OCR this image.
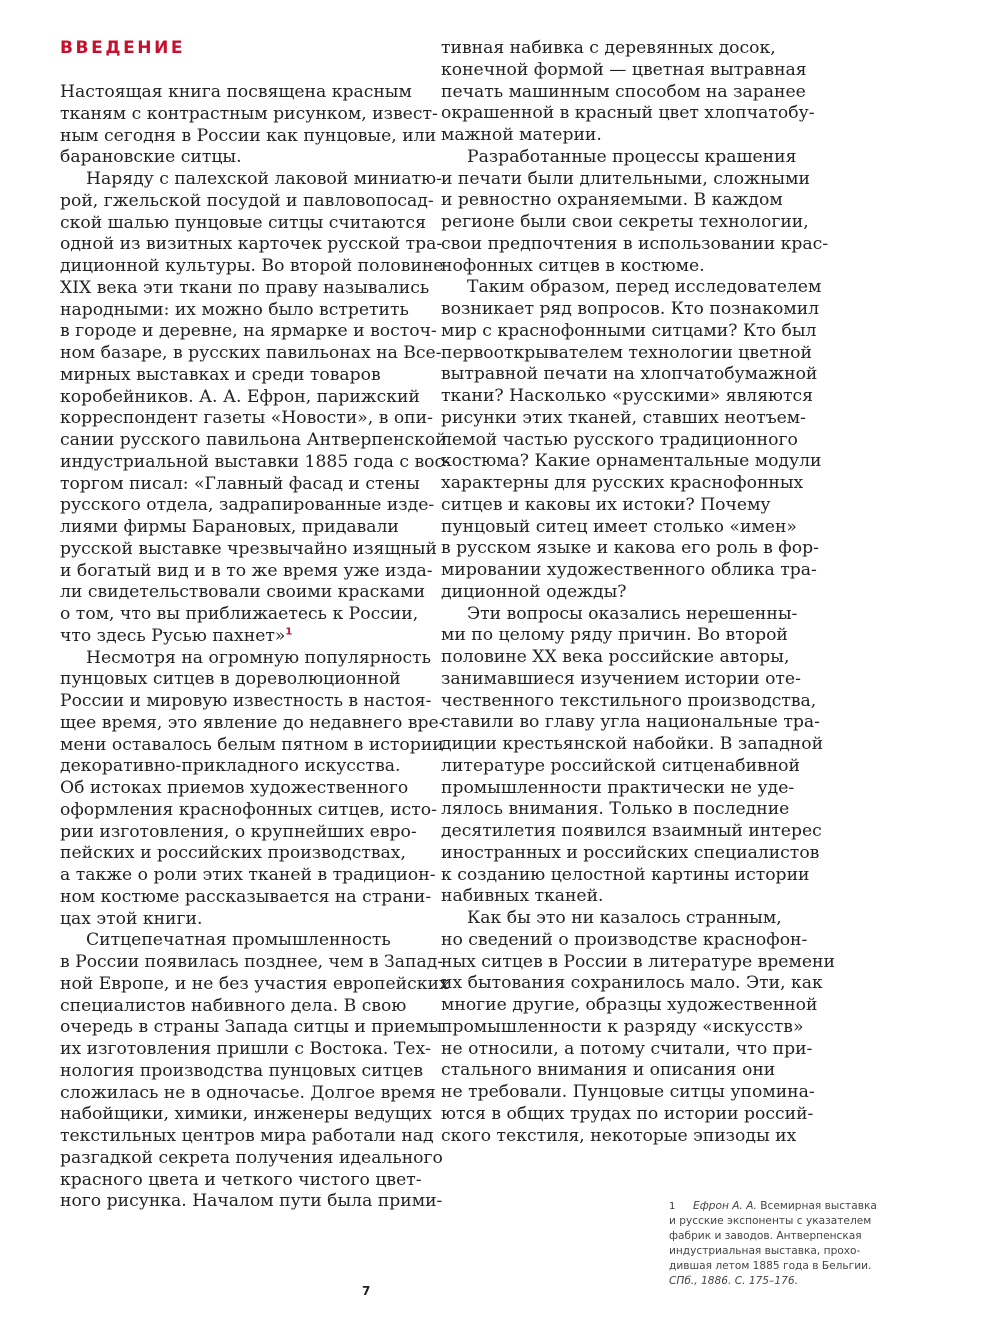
ВВЕДЕНИЕ

Настоящая книга посвящена красным

тканям с контрастным рисунком, извест-

ным сегодня в России как пунцовые, или

барановские ситцы.

Наряду с палехской лаковой миниатю-

рой, гжельской посудой и павловопосад-

ской шалью пунцовые ситцы считаются

одной из визитных карточек русской тра-

диционной культуры. Во второй половине

XIX века эти ткани по праву назывались

народными: их можно было встретить

в городе и деревне, на ярмарке и восточ-

ном базаре, в русских павильонах на Все-

мирных выставках и среди товаров

коробейников. А. А. Ефрон, парижский

корреспондент газеты «Новости», в опи-

сании русского павильона Антверпенской

индустриальной выставки 1885 года с вос-

торгом писал: «Главный фасад и стены

русского отдела, задрапированные изде-

лиями фирмы Барановых, придавали

русской выставке чрезвычайно изящный

и богатый вид и в то же время уже изда-

ли свидетельствовали своими красками

о том, что вы приближаетесь к России,

что здесь Русью пахнет»$^1$

Несмотря на огромную популярность

пунцовых ситцев в дореволюционной

России и мировую известность в настоя-

щее время, это явление до недавнего вре-

мени оставалось белым пятном в истории

декоративно-прикладного искусства.

Об истоках приемов художественного

оформления краснофонных ситцев, исто-

рии изготовления, о крупнейших евро-

пейских и российских производствах,

а также о роли этих тканей в традицион-

ном костюме рассказывается на страни-

цах этой книги.

Ситцепечатная промышленность

в России появилась позднее, чем в Запад-

ной Европе, и не без участия европейских

специалистов набивного дела. В свою

очередь в страны Запада ситцы и приемы

их изготовления пришли с Востока. Тех-

нология производства пунцовых ситцев

сложилась не в одночасье. Долгое время

набойщики, химики, инженеры ведущих

текстильных центров мира работали над

разгадкой секрета получения идеального

красного цвета и четкого чистого цвет-

ного рисунка. Началом пути была прими-

тивная набивка с деревянных досок,

конечной формой — цветная вытравная

печать машинным способом на заранее

окрашенной в красный цвет хлопчатобу-

мажной материи.

Разработанные процессы крашения

и печати были длительными, сложными

и ревностно охраняемыми. В каждом

регионе были свои секреты технологии,

свои предпочтения в использовании крас-

нофонных ситцев в костюме.

Таким образом, перед исследователем

возникает ряд вопросов. Кто познакомил

мир с краснофонными ситцами? Кто был

первооткрывателем технологии цветной

вытравной печати на хлопчатобумажной

ткани? Насколько «русскими» являются

рисунки этих тканей, ставших неотъем-

лемой частью русского традиционного

костюма? Какие орнаментальные модули

характерны для русских краснофонных

ситцев и каковы их истоки? Почему

пунцовый ситец имеет столько «имен»

в русском языке и какова его роль в фор-

мировании художественного облика тра-

диционной одежды?

Эти вопросы оказались нерешенны-

ми по целому ряду причин. Во второй

половине XX века российские авторы,

занимавшиеся изучением истории оте-

чественного текстильного производства,

ставили во главу угла национальные тра-

диции крестьянской набойки. В западной

литературе российской ситценабивной

промышленности практически не уде-

лялось внимания. Только в последние

десятилетия появился взаимный интерес

иностранных и российских специалистов

к созданию целостной картины истории

набивных тканей.

Как бы это ни казалось странным,

но сведений о производстве краснофон-

ных ситцев в России в литературе времени

их бытования сохранилось мало. Эти, как

многие другие, образцы художественной

промышленности к разряду «искусств»

не относили, а потому считали, что при-

стального внимания и описания они

не требовали. Пунцовые ситцы упомина-

ются в общих трудах по истории россий-

ского текстиля, некоторые эпизоды их

1	Ефрон А. А. Всемирная выставка
и русские экспоненты с указателем
фабрик и заводов. Антверпенская
индустриальная выставка, прохо-
дившая летом 1885 года в Бельгии.
СПб., 1886. С. 175–176.
7
